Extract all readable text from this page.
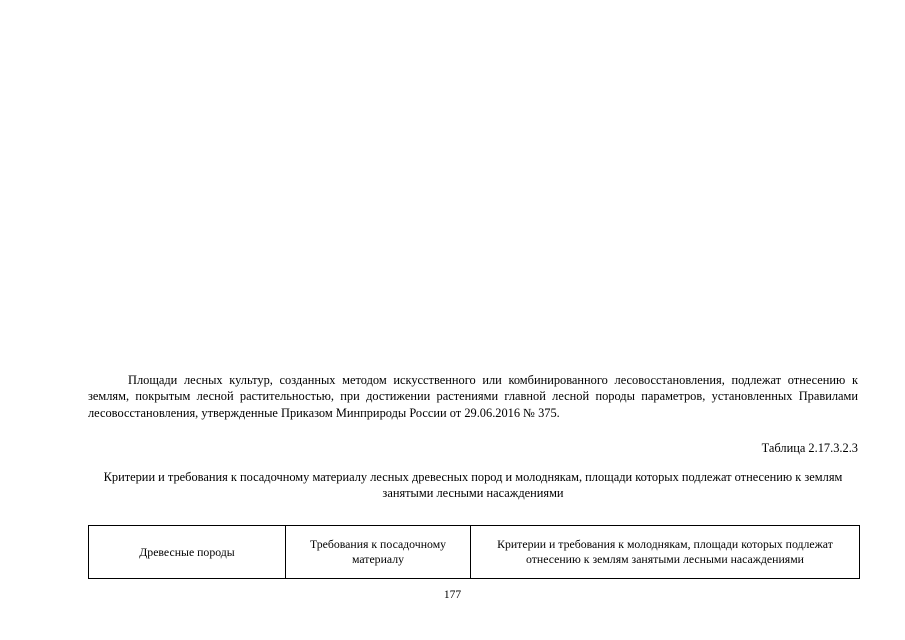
Площади лесных культур, созданных методом искусственного или комбинированного лесовосстановления, подлежат отнесению к землям, покрытым лесной растительностью, при достижении растениями главной лесной породы параметров, установленных Правилами лесовосстановления, утвержденные Приказом Минприроды России от 29.06.2016 № 375.

Таблица 2.17.3.2.3
Критерии и требования к посадочному материалу лесных древесных пород и молоднякам, площади которых подлежат отнесению к землям занятыми лесными насаждениями
Древесные породы	Требования к посадочному материалу	Критерии и требования к молоднякам, площади которых подлежат отнесению к землям занятыми лесными насаждениями
177
